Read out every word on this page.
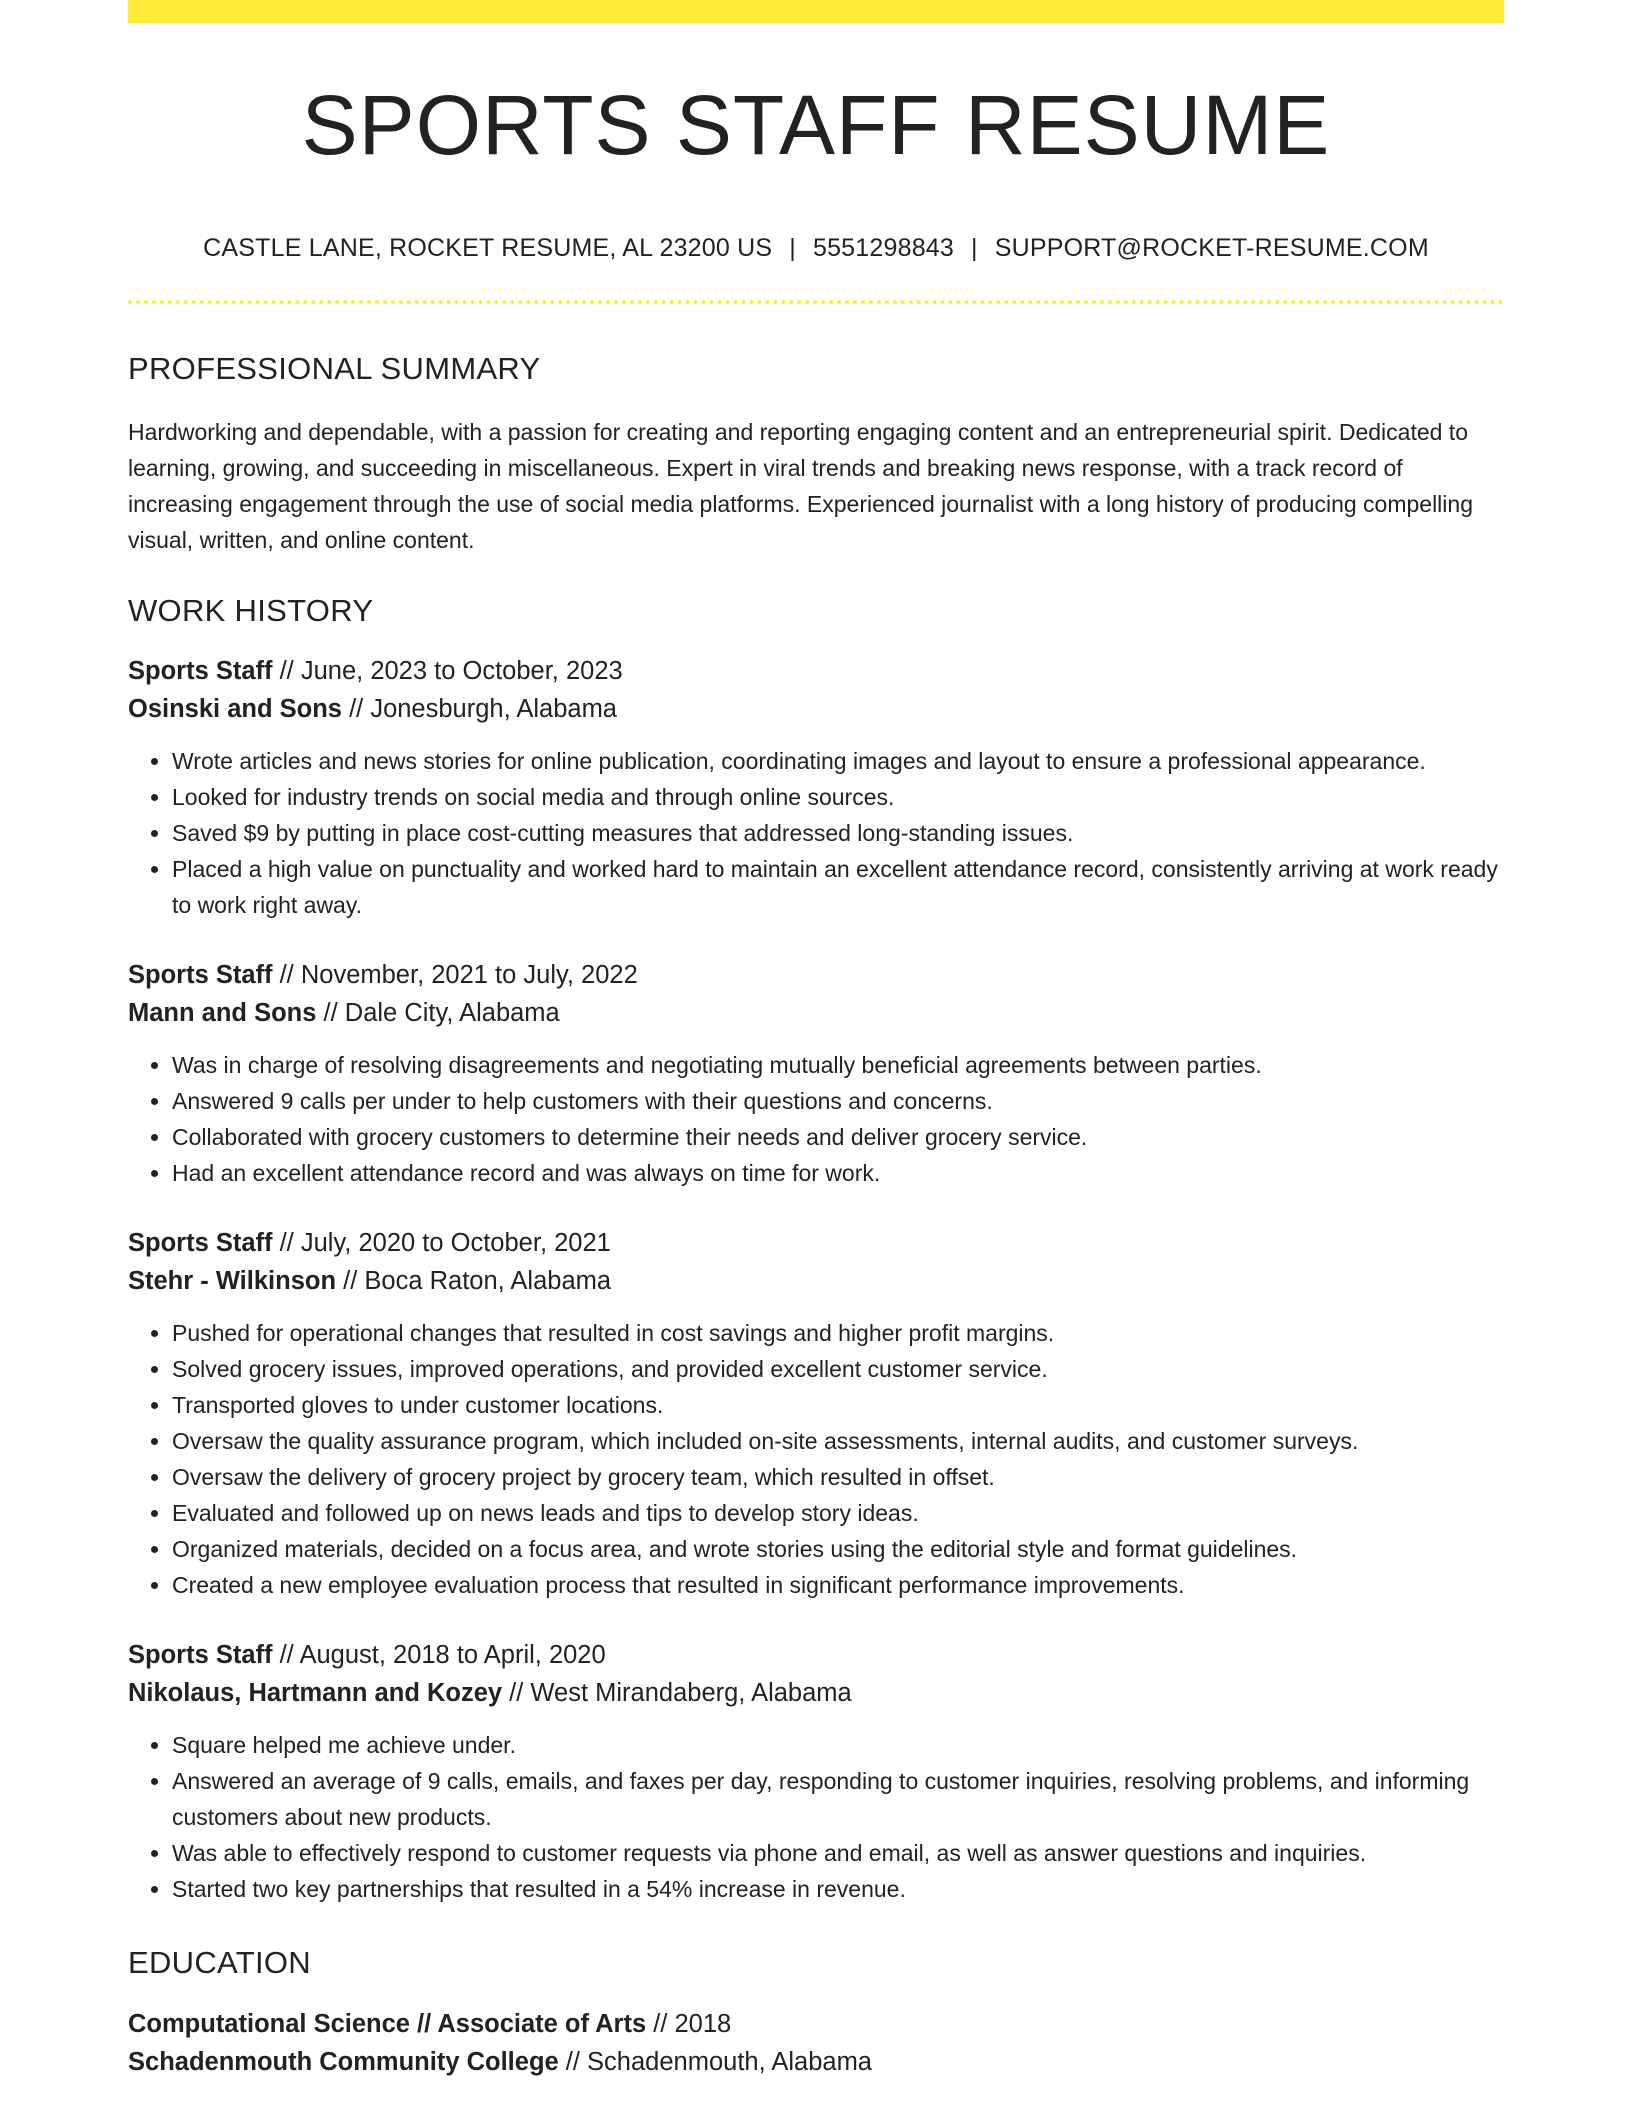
SPORTS STAFF RESUME
CASTLE LANE, ROCKET RESUME, AL 23200 US | 5551298843 | SUPPORT@ROCKET-RESUME.COM
PROFESSIONAL SUMMARY

Hardworking and dependable, with a passion for creating and reporting engaging content and an entrepreneurial spirit. Dedicated to learning, growing, and succeeding in miscellaneous. Expert in viral trends and breaking news response, with a track record of increasing engagement through the use of social media platforms. Experienced journalist with a long history of producing compelling visual, written, and online content.

WORK HISTORY
Sports Staff // June, 2023 to October, 2023
Osinski and Sons // Jonesburgh, Alabama
• Wrote articles and news stories for online publication, coordinating images and layout to ensure a professional appearance.
• Looked for industry trends on social media and through online sources.
• Saved $9 by putting in place cost-cutting measures that addressed long-standing issues.
• Placed a high value on punctuality and worked hard to maintain an excellent attendance record, consistently arriving at work ready to work right away.
Sports Staff // November, 2021 to July, 2022
Mann and Sons // Dale City, Alabama
• Was in charge of resolving disagreements and negotiating mutually beneficial agreements between parties.
• Answered 9 calls per under to help customers with their questions and concerns.
• Collaborated with grocery customers to determine their needs and deliver grocery service.
• Had an excellent attendance record and was always on time for work.
Sports Staff // July, 2020 to October, 2021
Stehr - Wilkinson // Boca Raton, Alabama
• Pushed for operational changes that resulted in cost savings and higher profit margins.
• Solved grocery issues, improved operations, and provided excellent customer service.
• Transported gloves to under customer locations.
• Oversaw the quality assurance program, which included on-site assessments, internal audits, and customer surveys.
• Oversaw the delivery of grocery project by grocery team, which resulted in offset.
• Evaluated and followed up on news leads and tips to develop story ideas.
• Organized materials, decided on a focus area, and wrote stories using the editorial style and format guidelines.
• Created a new employee evaluation process that resulted in significant performance improvements.
Sports Staff // August, 2018 to April, 2020
Nikolaus, Hartmann and Kozey // West Mirandaberg, Alabama
• Square helped me achieve under.
• Answered an average of 9 calls, emails, and faxes per day, responding to customer inquiries, resolving problems, and informing customers about new products.
• Was able to effectively respond to customer requests via phone and email, as well as answer questions and inquiries.
• Started two key partnerships that resulted in a 54% increase in revenue.
EDUCATION
Computational Science // Associate of Arts // 2018
Schadenmouth Community College // Schadenmouth, Alabama
